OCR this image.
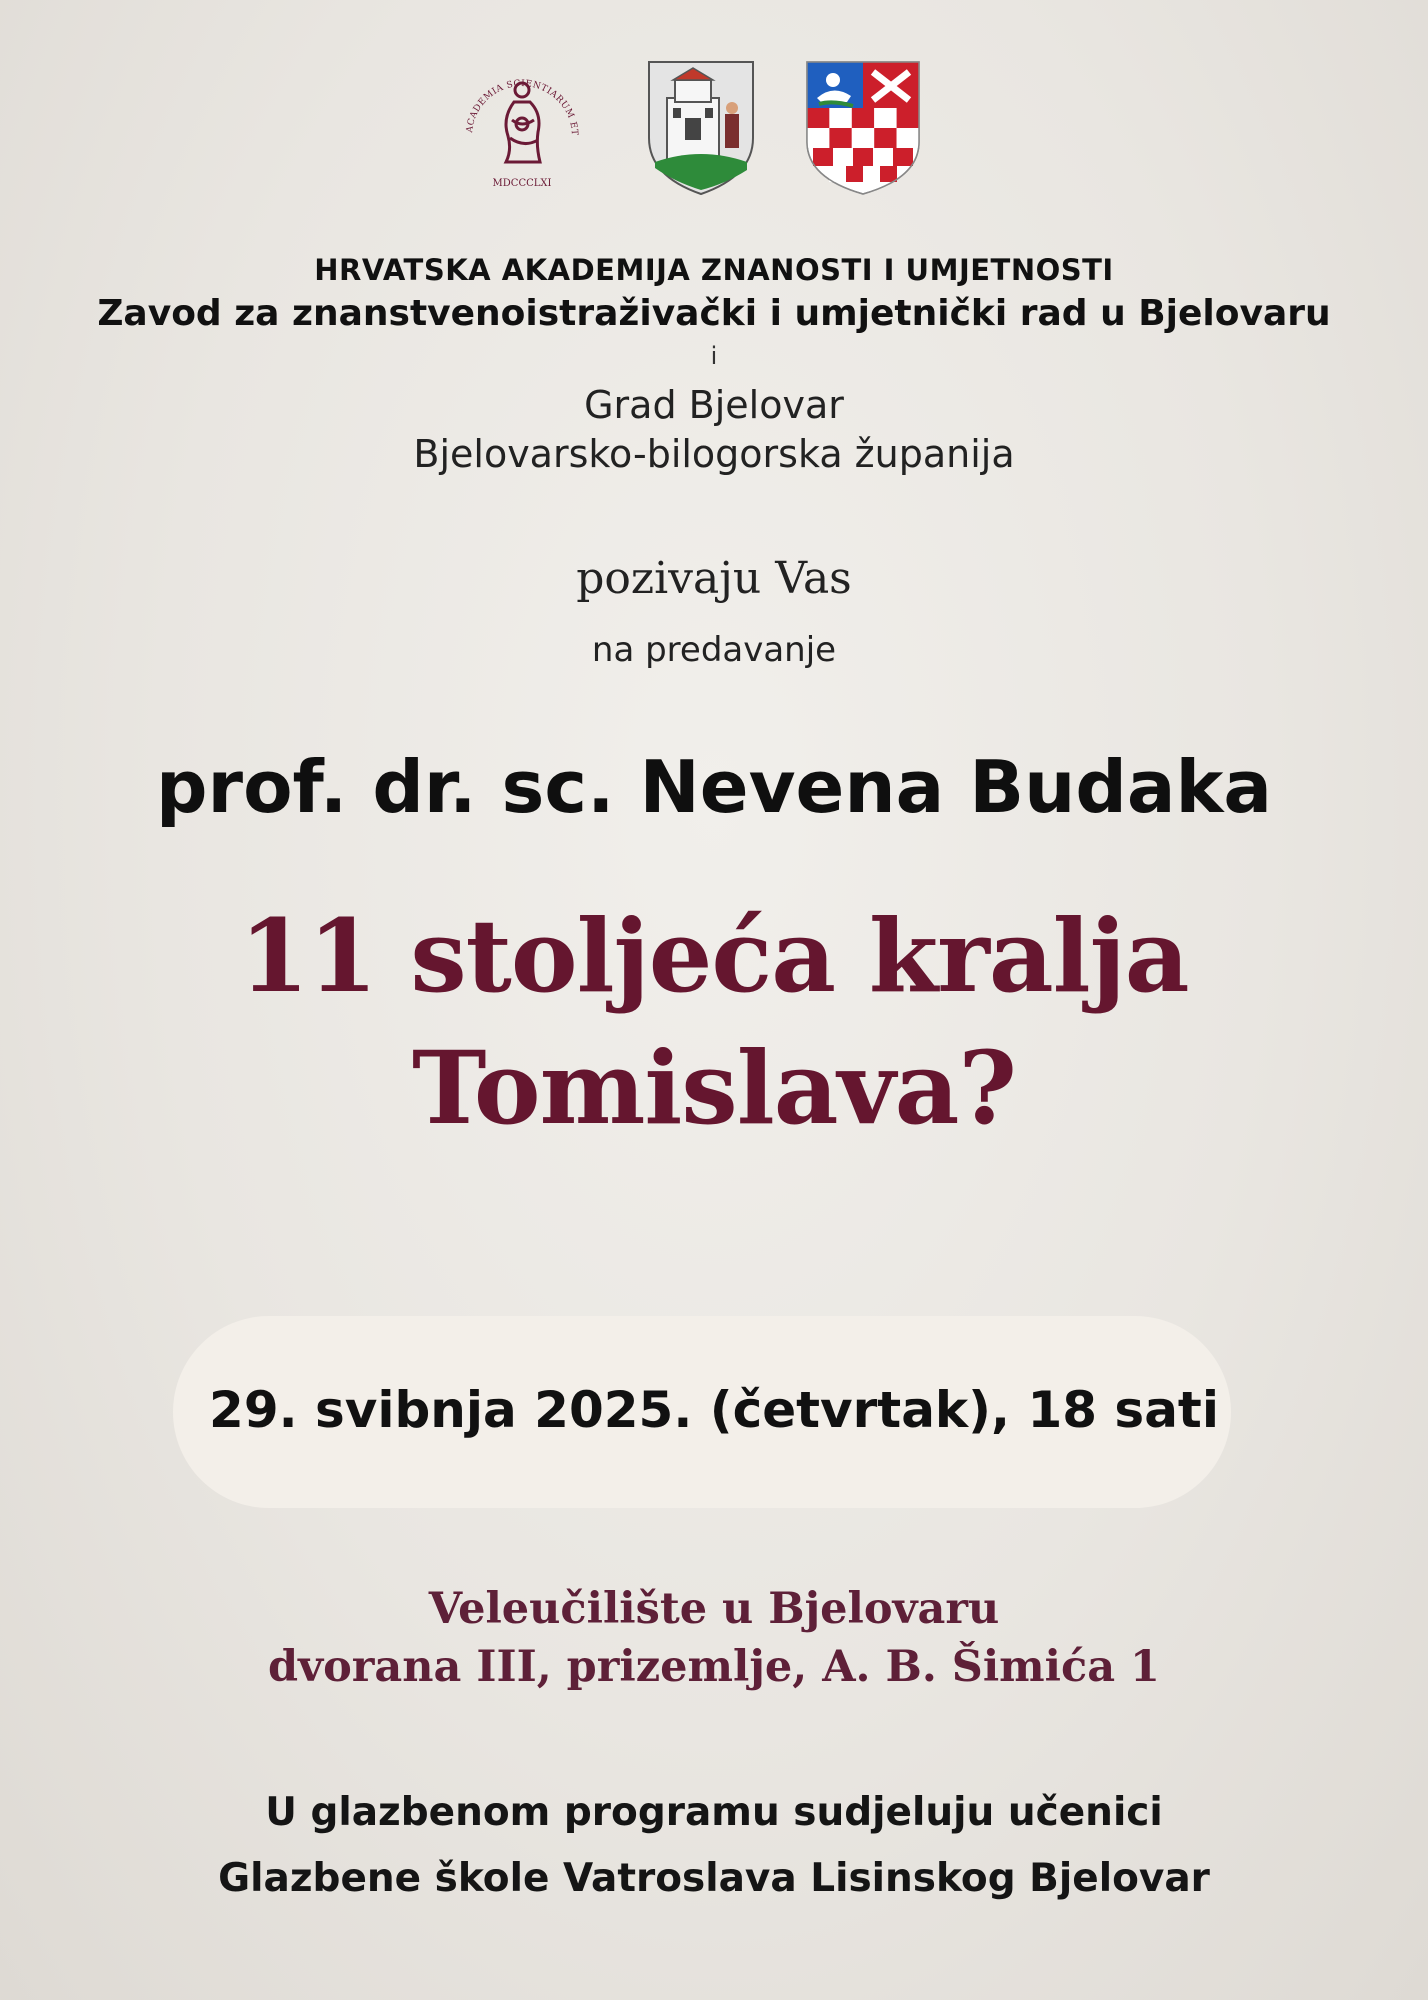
ACADEMIA SCIENTIARUM ET
MDCCCLXI
HRVATSKA AKADEMIJA ZNANOSTI I UMJETNOSTI
Zavod za znanstvenoistraživački i umjetnički rad u Bjelovaru
i
Grad Bjelovar
Bjelovarsko-bilogorska županija
pozivaju Vas
na predavanje
prof. dr. sc. Nevena Budaka
11 stoljeća kralja
Tomislava?
29. svibnja 2025. (četvrtak), 18 sati
Veleučilište u Bjelovaru
dvorana III, prizemlje, A. B. Šimića 1
U glazbenom programu sudjeluju učenici
Glazbene škole Vatroslava Lisinskog Bjelovar
